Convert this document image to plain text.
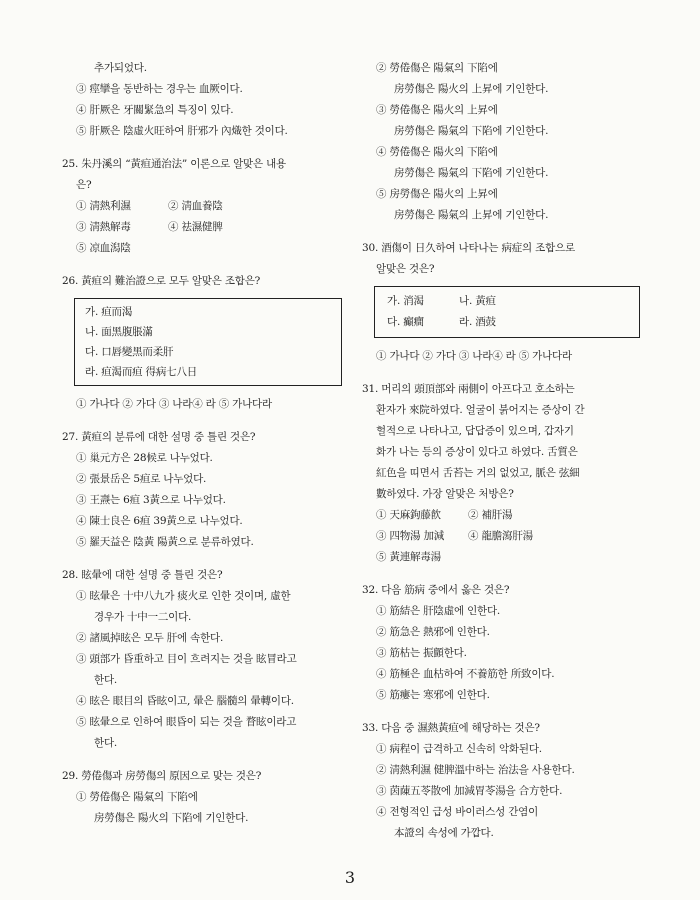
추가되었다.
③ 痙攣을 동반하는 경우는 血厥이다.
④ 肝厥은 牙關緊急의 특징이 있다.
⑤ 肝厥은 陰虛火旺하여 肝邪가 內熾한 것이다.
25. 朱丹溪의 “黃疸通治法” 이론으로 알맞은 내용
은?
① 淸熱利濕	② 淸血養陰
③ 淸熱解毒	④ 祛濕健脾
⑤ 凉血潟陰
26. 黃疸의 難治證으로 모두 알맞은 조합은?
가. 疸而渴
나. 面黑腹脹滿
다. 口唇變黑而柔肝
라. 疸渴而疸 得病七八日
① 가나다 ② 가다 ③ 나라④ 라 ⑤ 가나다라
27. 黃疸의 분류에 대한 설명 중 틀린 것은?
① 巢元方은 28候로 나누었다.
② 張景岳은 5疸로 나누었다.
③ 王燾는 6疸 3黃으로 나누었다.
④ 陳士良은 6疸 39黃으로 나누었다.
⑤ 羅天益은 陰黃 陽黃으로 분류하였다.
28. 眩暈에 대한 설명 중 틀린 것은?
① 眩暈은 十中八九가 痰火로 인한 것이며, 虛한
경우가 十中一二이다.
② 諸風掉眩은 모두 肝에 속한다.
③ 頭部가 昏重하고 目이 흐려지는 것을 眩冒라고
한다.
④ 眩은 眼目의 昏眩이고, 暈은 腦髓의 暈轉이다.
⑤ 眩暈으로 인하여 眼昏이 되는 것을 瞀眩이라고
한다.
29. 勞倦傷과 房勞傷의 原因으로 맞는 것은?
① 勞倦傷은 陽氣의 下陷에
房勞傷은 陽火의 下陷에 기인한다.
② 勞倦傷은 陽氣의 下陷에
房勞傷은 陽火의 上昇에 기인한다.
③ 勞倦傷은 陽火의 上昇에
房勞傷은 陽氣의 下陷에 기인한다.
④ 勞倦傷은 陽火의 下陷에
房勞傷은 陽氣의 下陷에 기인한다.
⑤ 房勞傷은 陽火의 上昇에
房勞傷은 陽氣의 上昇에 기인한다.
30. 酒傷이 日久하여 나타나는 病症의 조합으로
알맞은 것은?
가. 消渴	나. 黃疸
다. 癲癎	라. 酒鼓
① 가나다 ② 가다 ③ 나라④ 라 ⑤ 가나다라
31. 머리의 頭頂部와 兩側이 아프다고 호소하는
환자가 來院하였다. 얼굴이 붉어지는 증상이 간
헐적으로 나타나고, 답답증이 있으며, 갑자기
화가 나는 등의 증상이 있다고 하였다. 舌質은
紅色을 띠면서 舌苔는 거의 없었고, 脈은 弦細
數하였다. 가장 알맞은 처방은?
① 天麻鉤藤飮	② 補肝湯
③ 四物湯 加減	④ 龍膽瀉肝湯
⑤ 黃連解毒湯
32. 다음 筋病 중에서 옳은 것은?
① 筋結은 肝陰虛에 인한다.
② 筋急은 熱邪에 인한다.
③ 筋枯는 振顫한다.
④ 筋極은 血枯하여 不養筋한 所致이다.
⑤ 筋瘻는 寒邪에 인한다.
33. 다음 중 濕熱黃疸에 해당하는 것은?
① 病程이 급격하고 신속히 악화된다.
② 淸熱利濕 健脾溫中하는 治法을 사용한다.
③ 茵蔯五苓散에 加減胃苓湯을 合方한다.
④ 전형적인 급성 바이러스성 간염이
本證의 속성에 가깝다.
3
